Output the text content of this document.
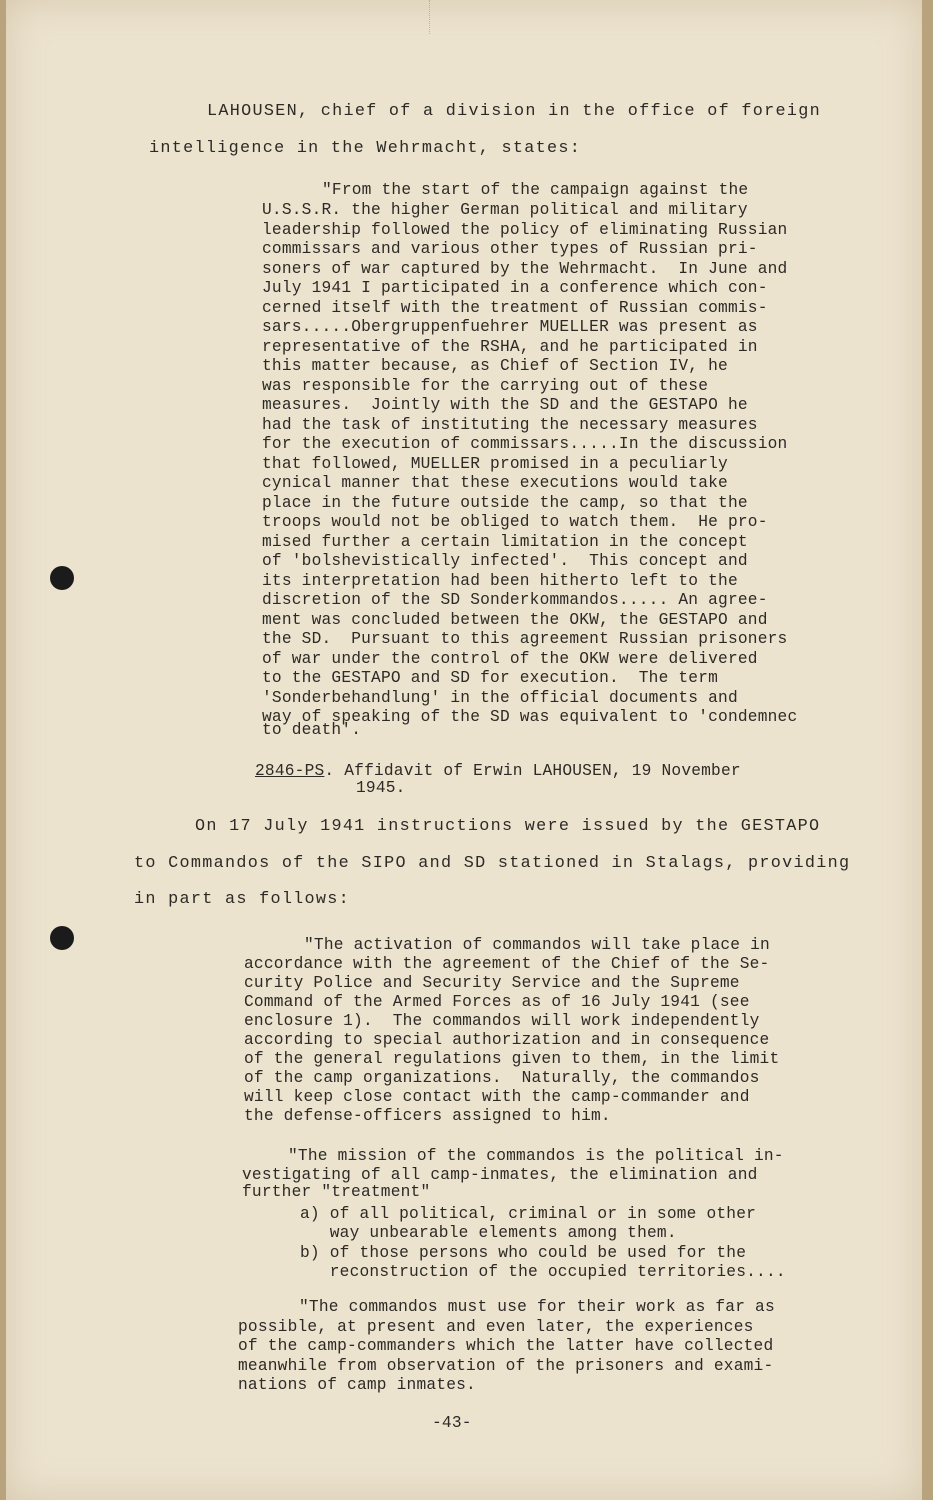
LAHOUSEN, chief of a division in the office of foreign
intelligence in the Wehrmacht, states:
"From the start of the campaign against the
U.S.S.R. the higher German political and military
leadership followed the policy of eliminating Russian
commissars and various other types of Russian pri-
soners of war captured by the Wehrmacht.  In June and
July 1941 I participated in a conference which con-
cerned itself with the treatment of Russian commis-
sars.....Obergruppenfuehrer MUELLER was present as
representative of the RSHA, and he participated in
this matter because, as Chief of Section IV, he
was responsible for the carrying out of these
measures.  Jointly with the SD and the GESTAPO he
had the task of instituting the necessary measures
for the execution of commissars.....In the discussion
that followed, MUELLER promised in a peculiarly
cynical manner that these executions would take
place in the future outside the camp, so that the
troops would not be obliged to watch them.  He pro-
mised further a certain limitation in the concept
of 'bolshevistically infected'.  This concept and
its interpretation had been hitherto left to the
discretion of the SD Sonderkommandos..... An agree-
ment was concluded between the OKW, the GESTAPO and
the SD.  Pursuant to this agreement Russian prisoners
of war under the control of the OKW were delivered
to the GESTAPO and SD for execution.  The term
'Sonderbehandlung' in the official documents and
way of speaking of the SD was equivalent to 'condemnec
to death'.
2846-PS. Affidavit of Erwin LAHOUSEN, 19 November
1945.
On 17 July 1941 instructions were issued by the GESTAPO
to Commandos of the SIPO and SD stationed in Stalags, providing
in part as follows:
"The activation of commandos will take place in
accordance with the agreement of the Chief of the Se-
curity Police and Security Service and the Supreme
Command of the Armed Forces as of 16 July 1941 (see
enclosure 1).  The commandos will work independently
according to special authorization and in consequence
of the general regulations given to them, in the limit
of the camp organizations.  Naturally, the commandos
will keep close contact with the camp-commander and
the defense-officers assigned to him.
"The mission of the commandos is the political in-
vestigating of all camp-inmates, the elimination and
further "treatment"
a) of all political, criminal or in some other
way unbearable elements among them.
b) of those persons who could be used for the
reconstruction of the occupied territories....
"The commandos must use for their work as far as
possible, at present and even later, the experiences
of the camp-commanders which the latter have collected
meanwhile from observation of the prisoners and exami-
nations of camp inmates.
-43-
